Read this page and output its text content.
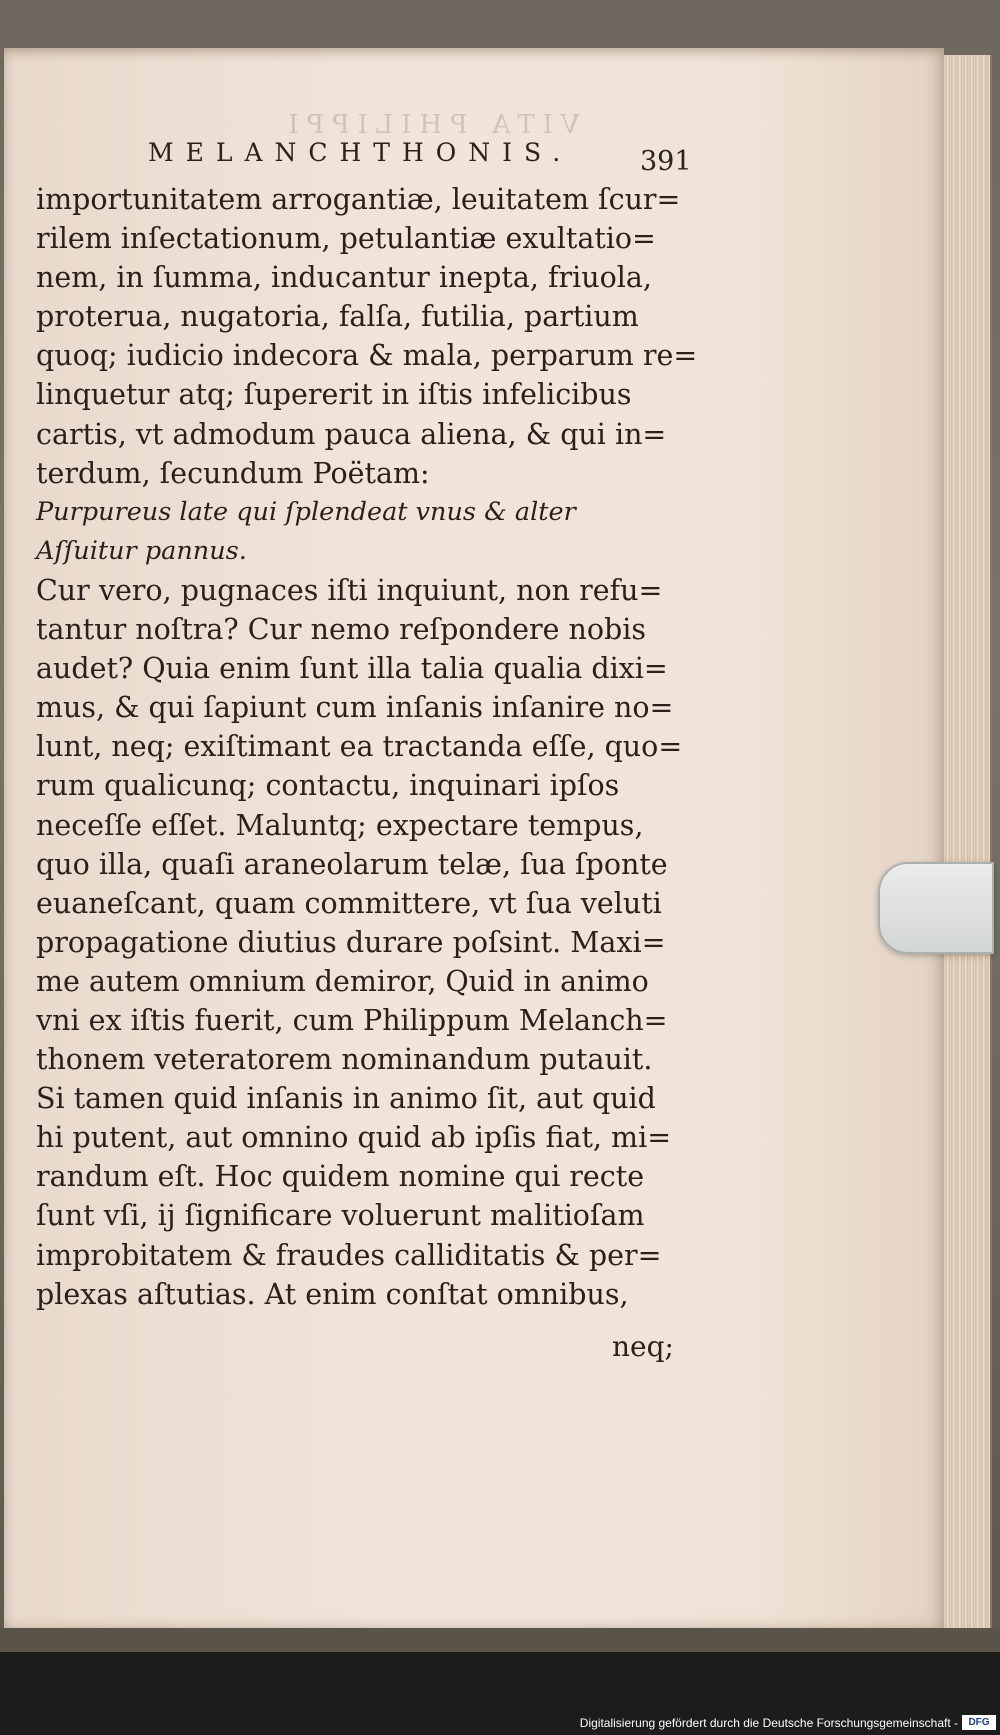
VITA PHILIPPI
MELANCHTHONIS.	391
importunitatem arrogantiæ, leuitatem ſcur=
rilem inſectationum, petulantiæ exultatio=
nem, in ſumma, inducantur inepta, friuola,
proterua, nugatoria, falſa, futilia, partium
quoq; iudicio indecora & mala, perparum re=
linquetur atq; ſupererit in iſtis infelicibus
cartis, vt admodum pauca aliena, & qui in=
terdum, ſecundum Poëtam:
Purpureus late qui ſplendeat vnus & alter
Aſſuitur pannus.
Cur vero, pugnaces iſti inquiunt, non refu=
tantur noſtra? Cur nemo reſpondere nobis
audet? Quia enim ſunt illa talia qualia dixi=
mus, & qui ſapiunt cum inſanis inſanire no=
lunt, neq; exiſtimant ea tractanda eſſe, quo=
rum qualicunq; contactu, inquinari ipſos
neceſſe eſſet. Maluntq; expectare tempus,
quo illa, quaſi araneolarum telæ, ſua ſponte
euaneſcant, quam committere, vt ſua veluti
propagatione diutius durare poſsint. Maxi=
me autem omnium demiror, Quid in animo
vni ex iſtis fuerit, cum Philippum Melanch=
thonem veteratorem nominandum putauit.
Si tamen quid inſanis in animo ſit, aut quid
hi putent, aut omnino quid ab ipſis fiat, mi=
randum eſt. Hoc quidem nomine qui recte
ſunt vſi, ij ſignificare voluerunt malitioſam
improbitatem & fraudes calliditatis & per=
plexas aſtutias. At enim conſtat omnibus,
neq;
Digitalisierung gefördert durch die Deutsche Forschungsgemeinschaft -	DFG
